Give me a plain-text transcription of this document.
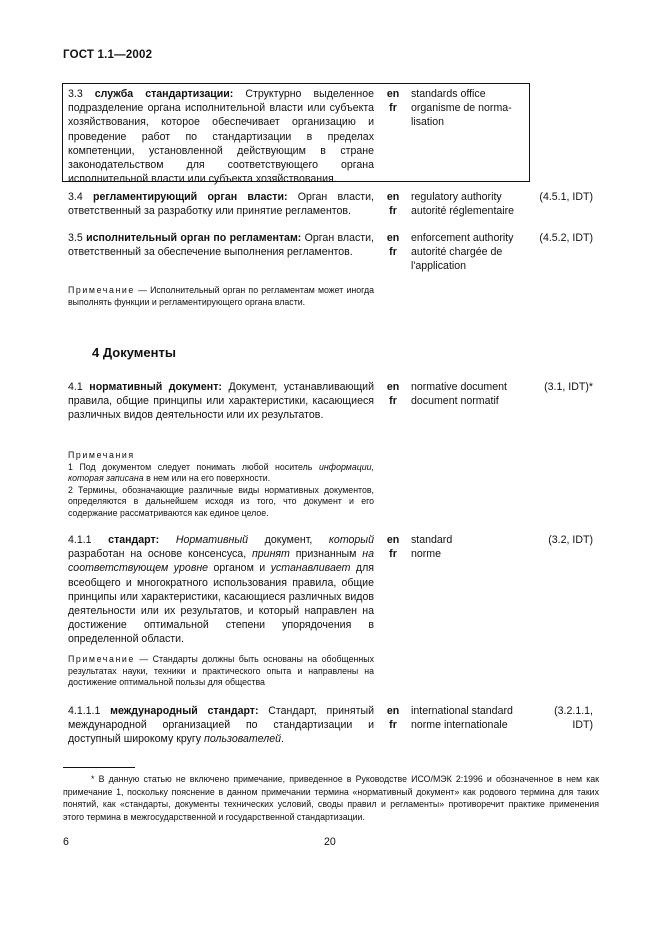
ГОСТ 1.1—2002
3.3 служба стандартизации: Структурно выделенное подразделение органа исполнительной власти или субъекта хозяйствования, которое обеспечивает организацию и проведение работ по стандартизации в пределах компетенции, установленной действующим в стране законодательством для соответствующего органа исполнительной власти или субъекта хозяйствования.
en
fr
standards office
organisme de norma-
lisation
3.4 регламентирующий орган власти: Орган власти, ответственный за разработку или принятие регламентов.
en
fr
regulatory authority
autorité réglementaire
(4.5.1, IDT)
3.5 исполнительный орган по регламентам: Орган власти, ответственный за обеспечение выполнения регламентов.
en
fr
enforcement authority
autorité chargée de
l'application
(4.5.2, IDT)
Примечание — Исполнительный орган по регламентам может иногда выполнять функции и регламентирующего органа власти.
4 Документы
4.1 нормативный документ: Документ, устанавливающий правила, общие принципы или характеристики, касающиеся различных видов деятельности или их результатов.
en
fr
normative document
document normatif
(3.1, IDT)*
Примечания
1 Под документом следует понимать любой носитель информации, которая записана в нем или на его поверхности.
2 Термины, обозначающие различные виды нормативных документов, определяются в дальнейшем исходя из того, что документ и его содержание рассматриваются как единое целое.
4.1.1 стандарт: Нормативный документ, который разработан на основе консенсуса, принят признанным на соответствующем уровне органом и устанавливает для всеобщего и многократного использования правила, общие принципы или характеристики, касающиеся различных видов деятельности или их результатов, и который направлен на достижение оптимальной степени упорядочения в определенной области.
en
fr
standard
norme
(3.2, IDT)
Примечание — Стандарты должны быть основаны на обобщенных результатах науки, техники и практического опыта и направлены на достижение оптимальной пользы для общества
4.1.1.1 международный стандарт: Стандарт, принятый международной организацией по стандартизации и доступный широкому кругу пользователей.
en
fr
international standard
norme internationale
(3.2.1.1,
IDT)
* В данную статью не включено примечание, приведенное в Руководстве ИСО/МЭК 2:1996 и обозначенное в нем как примечание 1, поскольку пояснение в данном примечании термина «нормативный документ» как родового термина для таких понятий, как «стандарты, документы технических условий, своды правил и регламенты» противоречит практике применения этого термина в межгосударственной и государственной стандартизации.
6	20
